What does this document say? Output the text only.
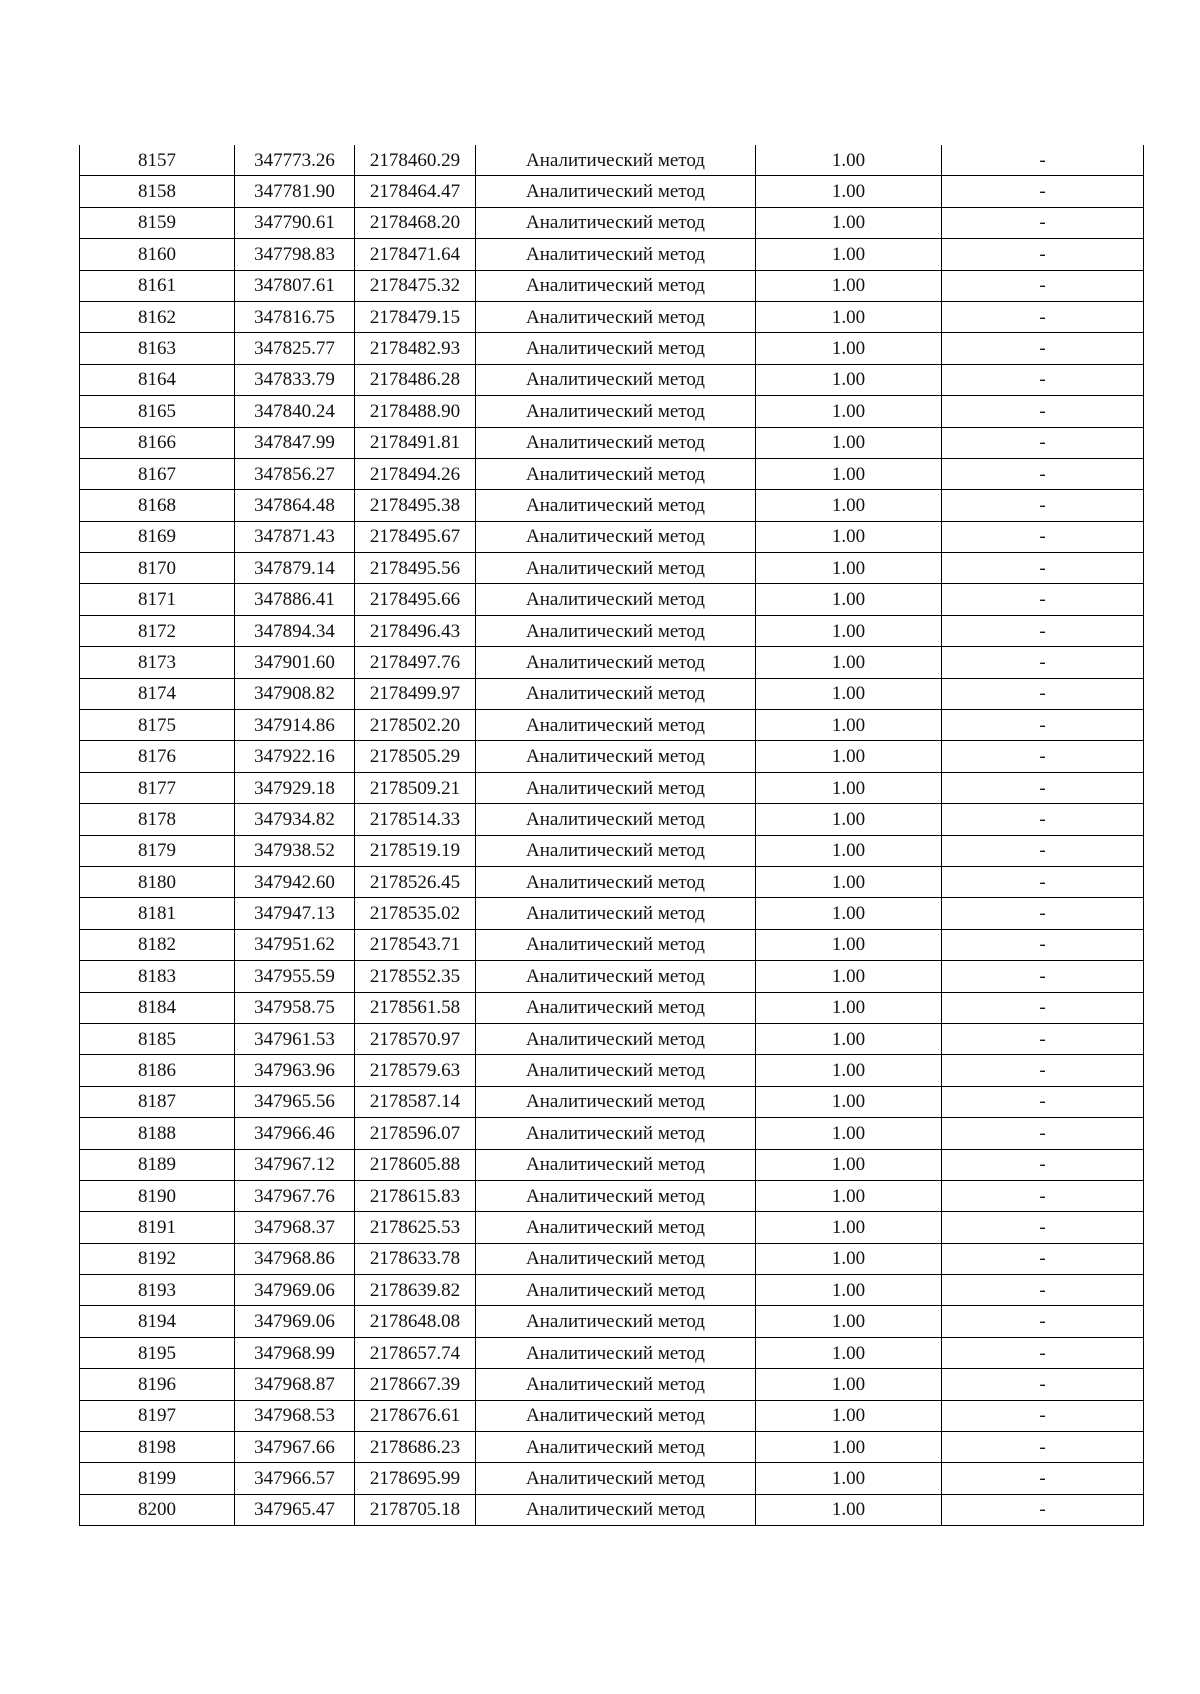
8157	347773.26	2178460.29	Аналитический метод	1.00	-
8158	347781.90	2178464.47	Аналитический метод	1.00	-
8159	347790.61	2178468.20	Аналитический метод	1.00	-
8160	347798.83	2178471.64	Аналитический метод	1.00	-
8161	347807.61	2178475.32	Аналитический метод	1.00	-
8162	347816.75	2178479.15	Аналитический метод	1.00	-
8163	347825.77	2178482.93	Аналитический метод	1.00	-
8164	347833.79	2178486.28	Аналитический метод	1.00	-
8165	347840.24	2178488.90	Аналитический метод	1.00	-
8166	347847.99	2178491.81	Аналитический метод	1.00	-
8167	347856.27	2178494.26	Аналитический метод	1.00	-
8168	347864.48	2178495.38	Аналитический метод	1.00	-
8169	347871.43	2178495.67	Аналитический метод	1.00	-
8170	347879.14	2178495.56	Аналитический метод	1.00	-
8171	347886.41	2178495.66	Аналитический метод	1.00	-
8172	347894.34	2178496.43	Аналитический метод	1.00	-
8173	347901.60	2178497.76	Аналитический метод	1.00	-
8174	347908.82	2178499.97	Аналитический метод	1.00	-
8175	347914.86	2178502.20	Аналитический метод	1.00	-
8176	347922.16	2178505.29	Аналитический метод	1.00	-
8177	347929.18	2178509.21	Аналитический метод	1.00	-
8178	347934.82	2178514.33	Аналитический метод	1.00	-
8179	347938.52	2178519.19	Аналитический метод	1.00	-
8180	347942.60	2178526.45	Аналитический метод	1.00	-
8181	347947.13	2178535.02	Аналитический метод	1.00	-
8182	347951.62	2178543.71	Аналитический метод	1.00	-
8183	347955.59	2178552.35	Аналитический метод	1.00	-
8184	347958.75	2178561.58	Аналитический метод	1.00	-
8185	347961.53	2178570.97	Аналитический метод	1.00	-
8186	347963.96	2178579.63	Аналитический метод	1.00	-
8187	347965.56	2178587.14	Аналитический метод	1.00	-
8188	347966.46	2178596.07	Аналитический метод	1.00	-
8189	347967.12	2178605.88	Аналитический метод	1.00	-
8190	347967.76	2178615.83	Аналитический метод	1.00	-
8191	347968.37	2178625.53	Аналитический метод	1.00	-
8192	347968.86	2178633.78	Аналитический метод	1.00	-
8193	347969.06	2178639.82	Аналитический метод	1.00	-
8194	347969.06	2178648.08	Аналитический метод	1.00	-
8195	347968.99	2178657.74	Аналитический метод	1.00	-
8196	347968.87	2178667.39	Аналитический метод	1.00	-
8197	347968.53	2178676.61	Аналитический метод	1.00	-
8198	347967.66	2178686.23	Аналитический метод	1.00	-
8199	347966.57	2178695.99	Аналитический метод	1.00	-
8200	347965.47	2178705.18	Аналитический метод	1.00	-
